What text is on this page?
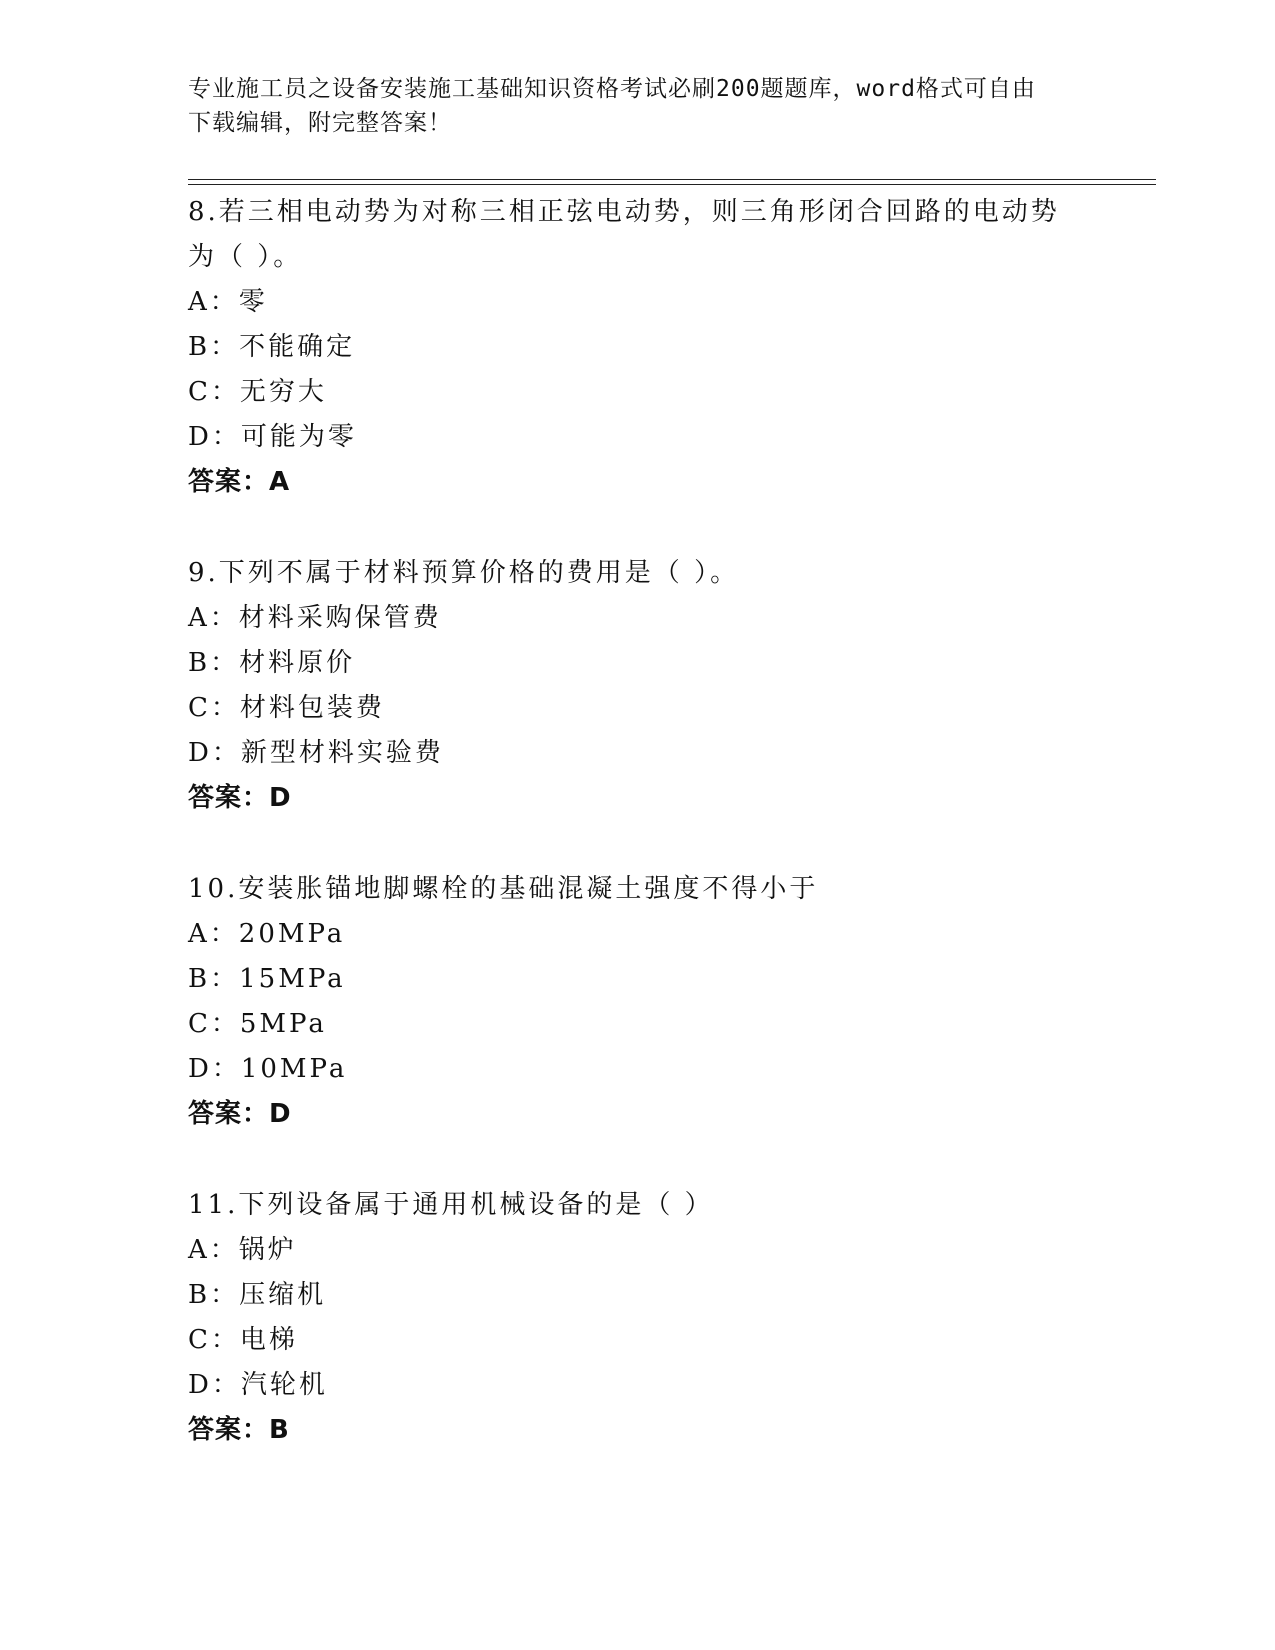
专业施工员之设备安装施工基础知识资格考试必刷200题题库，word格式可自由
下载编辑，附完整答案！
8.若三相电动势为对称三相正弦电动势，则三角形闭合回路的电动势
为（ ）。
A：零
B：不能确定
C：无穷大
D：可能为零
答案：A
9.下列不属于材料预算价格的费用是（ ）。
A：材料采购保管费
B：材料原价
C：材料包装费
D：新型材料实验费
答案：D
10.安装胀锚地脚螺栓的基础混凝土强度不得小于
A：20MPa
B：15MPa
C：5MPa
D：10MPa
答案：D
11.下列设备属于通用机械设备的是（ ）
A：锅炉
B：压缩机
C：电梯
D：汽轮机
答案：B
